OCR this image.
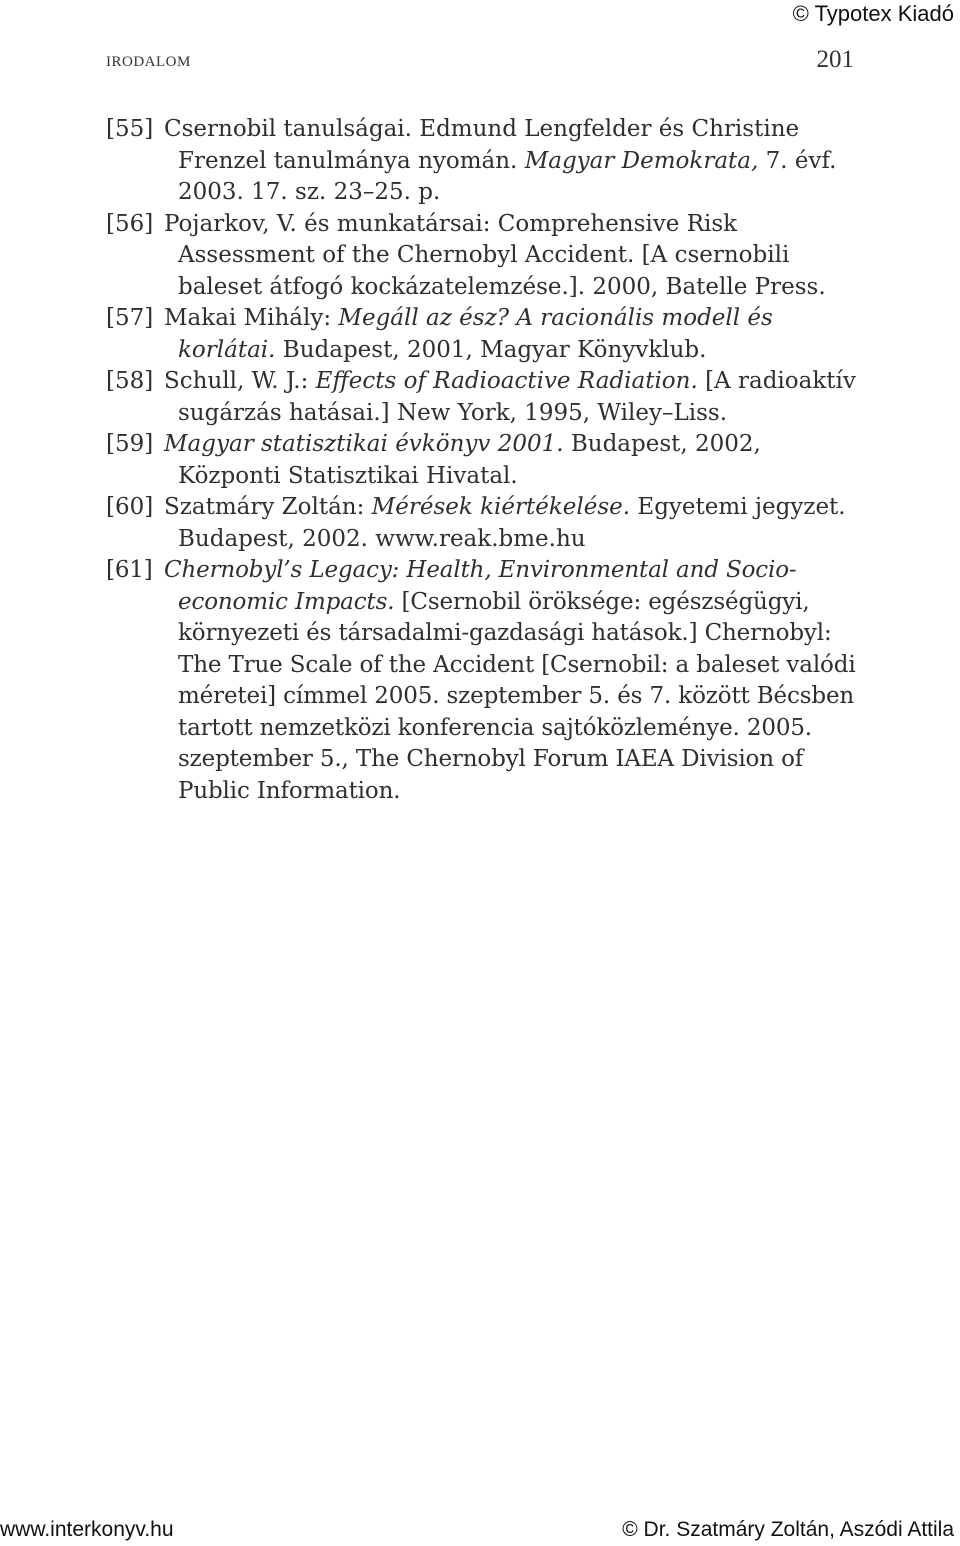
© Typotex Kiadó
IRODALOM	201
[55] Csernobil tanulságai. Edmund Lengfelder és Christine Frenzel tanulmánya nyomán. Magyar Demokrata, 7. évf. 2003. 17. sz. 23–25. p.
[56] Pojarkov, V. és munkatársai: Comprehensive Risk Assessment of the Chernobyl Accident. [A csernobili baleset átfogó kockázatelemzése.]. 2000, Batelle Press.
[57] Makai Mihály: Megáll az ész? A racionális modell és korlátai. Budapest, 2001, Magyar Könyvklub.
[58] Schull, W. J.: Effects of Radioactive Radiation. [A radioaktív sugárzás hatásai.] New York, 1995, Wiley–Liss.
[59] Magyar statisztikai évkönyv 2001. Budapest, 2002, Központi Statisztikai Hivatal.
[60] Szatmáry Zoltán: Mérések kiértékelése. Egyetemi jegyzet. Budapest, 2002. www.reak.bme.hu
[61] Chernobyl’s Legacy: Health, Environmental and Socio-economic Impacts. [Csernobil öröksége: egészségügyi, környezeti és társadalmi-gazdasági hatások.] Chernobyl: The True Scale of the Accident [Csernobil: a baleset valódi méretei] címmel 2005. szeptember 5. és 7. között Bécsben tartott nemzetközi konferencia sajtóközleménye. 2005. szeptember 5., The Chernobyl Forum IAEA Division of Public Information.
www.interkonyv.hu	© Dr. Szatmáry Zoltán, Aszódi Attila
